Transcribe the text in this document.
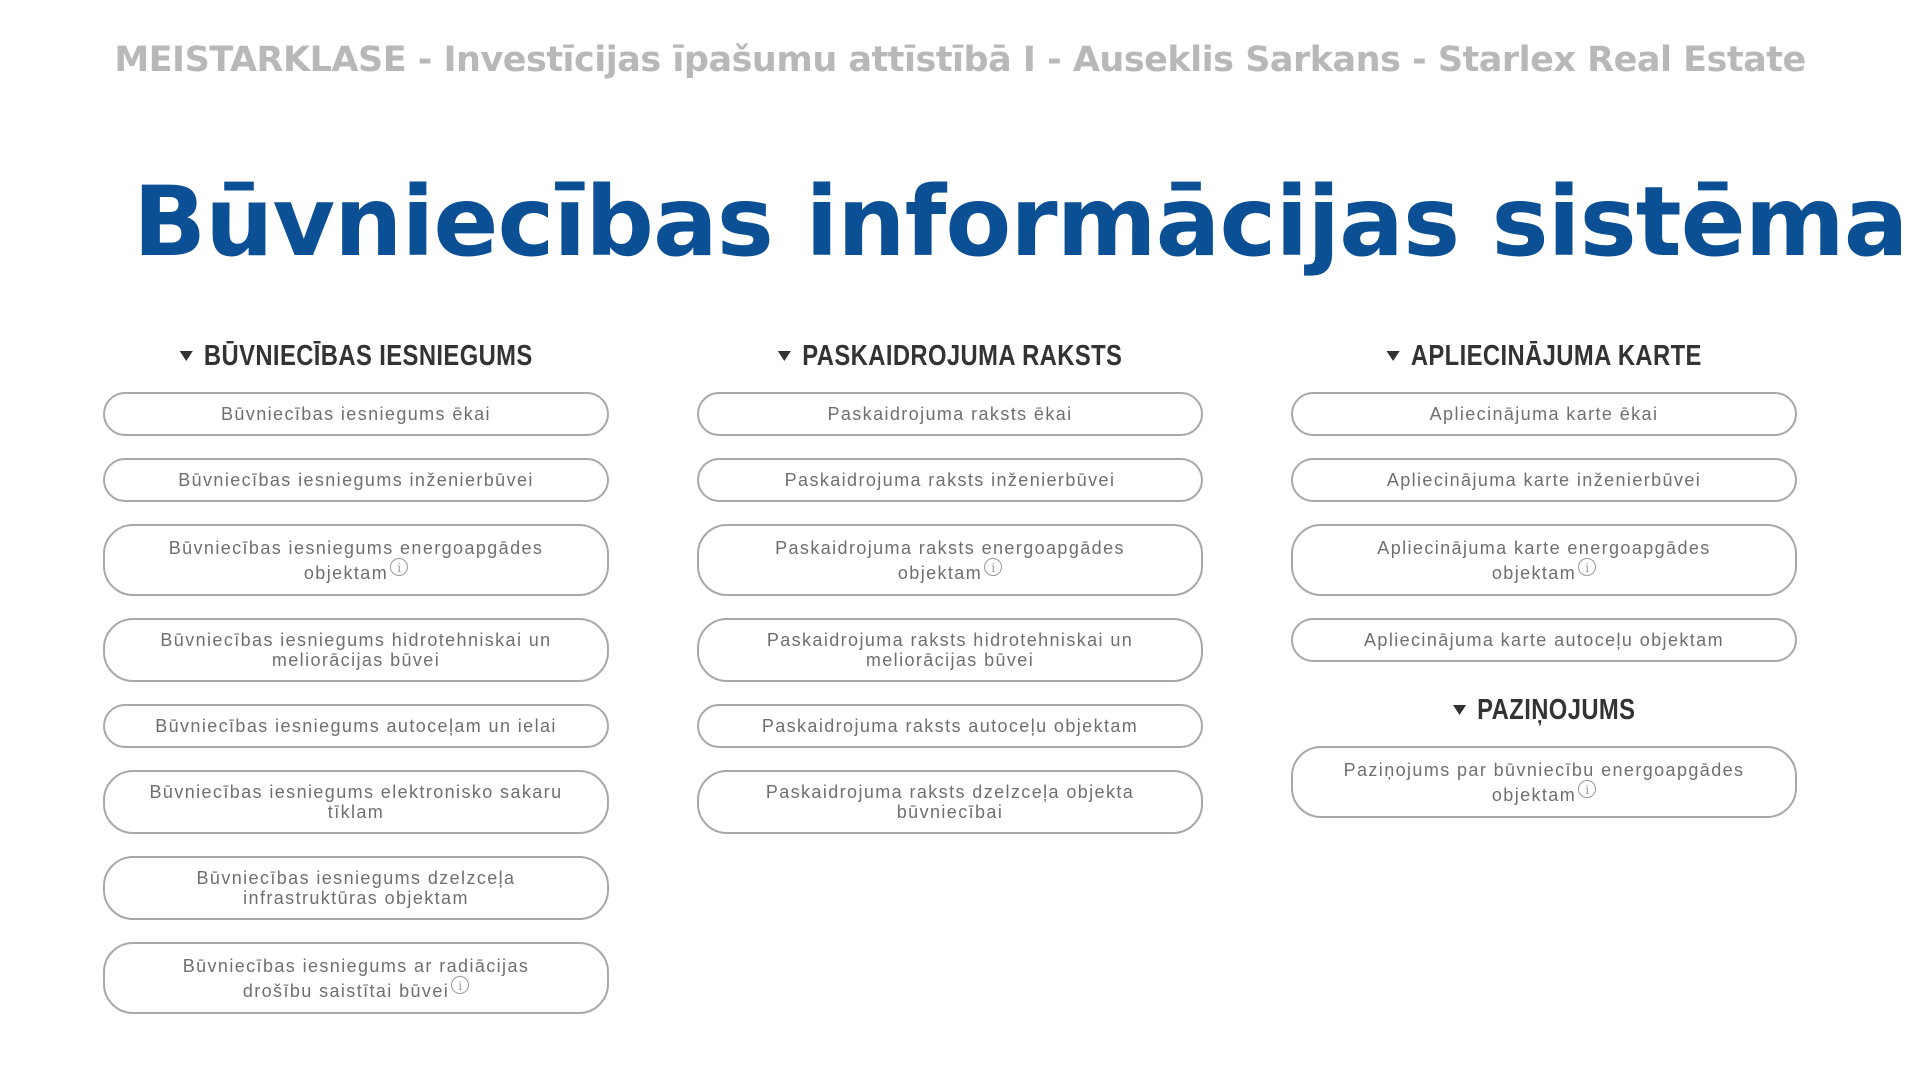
MEISTARKLASE - Investīcijas īpašumu attīstībā I - Auseklis Sarkans - Starlex Real Estate
Būvniecības informācijas sistēma
BŪVNIECĪBAS IESNIEGUMS
Būvniecības iesniegums ēkai
Būvniecības iesniegums inženierbūvei
Būvniecības iesniegums energoapgādes objektam i
Būvniecības iesniegums hidrotehniskai un meliorācijas būvei
Būvniecības iesniegums autoceļam un ielai
Būvniecības iesniegums elektronisko sakaru tīklam
Būvniecības iesniegums dzelzceļa infrastruktūras objektam
Būvniecības iesniegums ar radiācijas drošību saistītai būvei i
PASKAIDROJUMA RAKSTS
Paskaidrojuma raksts ēkai
Paskaidrojuma raksts inženierbūvei
Paskaidrojuma raksts energoapgādes objektam i
Paskaidrojuma raksts hidrotehniskai un meliorācijas būvei
Paskaidrojuma raksts autoceļu objektam
Paskaidrojuma raksts dzelzceļa objekta būvniecībai
APLIECINĀJUMA KARTE
Apliecinājuma karte ēkai
Apliecinājuma karte inženierbūvei
Apliecinājuma karte energoapgādes objektam i
Apliecinājuma karte autoceļu objektam
PAZIŅOJUMS
Paziņojums par būvniecību energoapgādes objektam i
